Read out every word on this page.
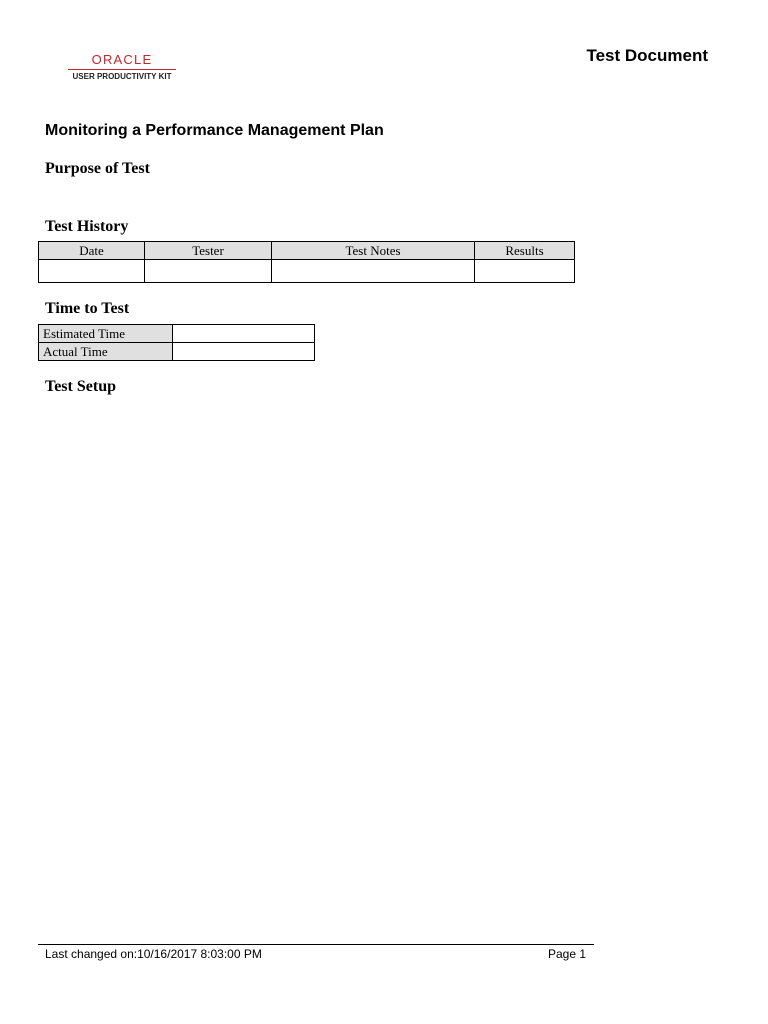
ORACLE
USER PRODUCTIVITY KIT
Test Document
Monitoring a Performance Management Plan
Purpose of Test
Test History
Date	Tester	Test Notes	Results

Time to Test
Estimated Time	
Actual Time	
Test Setup
Last changed on:10/16/2017 8:03:00 PM	Page 1
